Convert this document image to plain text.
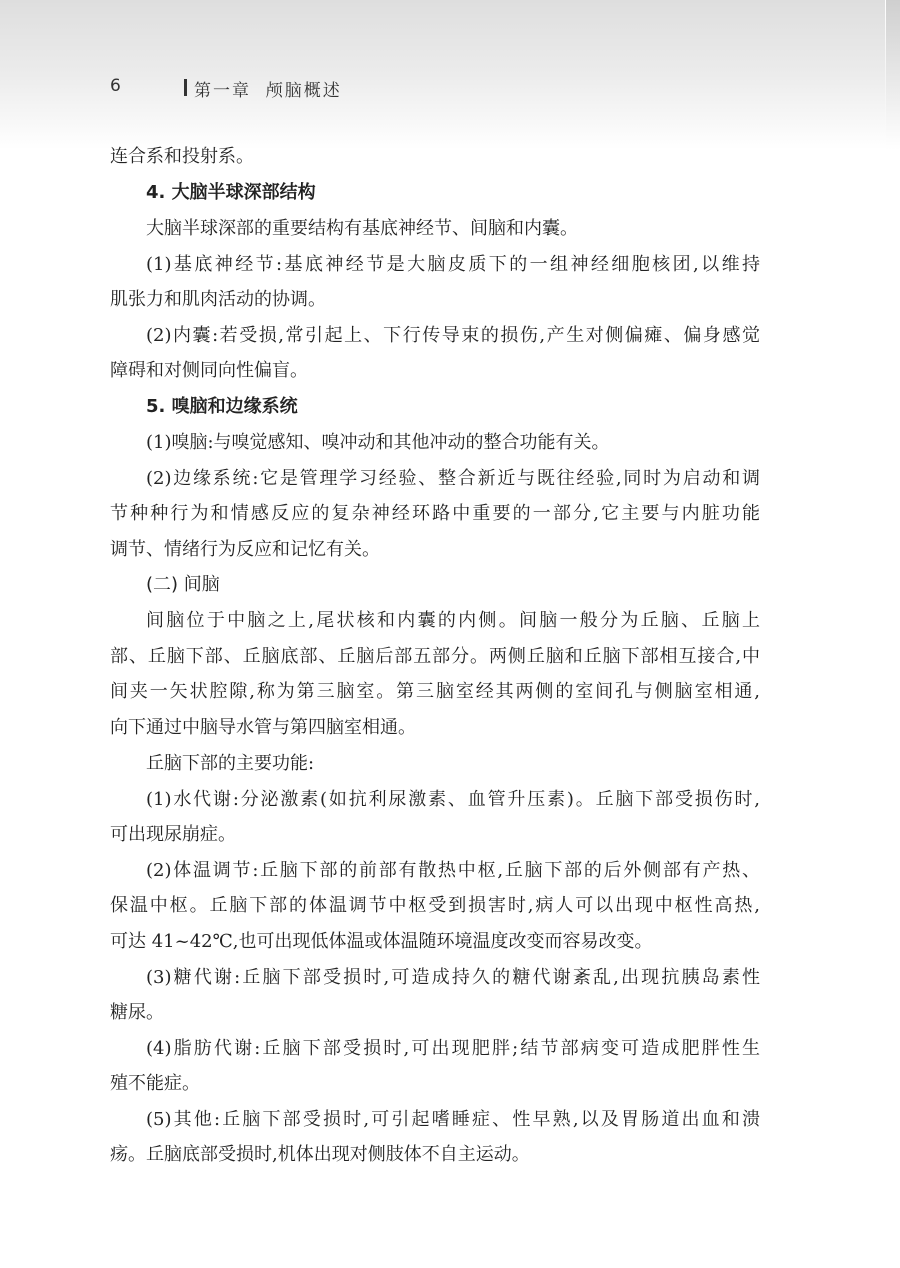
6	第一章  颅脑概述

连合系和投射系。

4. 大脑半球深部结构

大脑半球深部的重要结构有基底神经节、间脑和内囊。

(1)基底神经节:基底神经节是大脑皮质下的一组神经细胞核团,以维持

肌张力和肌肉活动的协调。

(2)内囊:若受损,常引起上、下行传导束的损伤,产生对侧偏瘫、偏身感觉

障碍和对侧同向性偏盲。

5. 嗅脑和边缘系统

(1)嗅脑:与嗅觉感知、嗅冲动和其他冲动的整合功能有关。

(2)边缘系统:它是管理学习经验、整合新近与既往经验,同时为启动和调

节种种行为和情感反应的复杂神经环路中重要的一部分,它主要与内脏功能

调节、情绪行为反应和记忆有关。

(二) 间脑

间脑位于中脑之上,尾状核和内囊的内侧。间脑一般分为丘脑、丘脑上

部、丘脑下部、丘脑底部、丘脑后部五部分。两侧丘脑和丘脑下部相互接合,中

间夹一矢状腔隙,称为第三脑室。第三脑室经其两侧的室间孔与侧脑室相通,

向下通过中脑导水管与第四脑室相通。

丘脑下部的主要功能:

(1)水代谢:分泌激素(如抗利尿激素、血管升压素)。丘脑下部受损伤时,

可出现尿崩症。

(2)体温调节:丘脑下部的前部有散热中枢,丘脑下部的后外侧部有产热、

保温中枢。丘脑下部的体温调节中枢受到损害时,病人可以出现中枢性高热,

可达 41~42℃,也可出现低体温或体温随环境温度改变而容易改变。

(3)糖代谢:丘脑下部受损时,可造成持久的糖代谢紊乱,出现抗胰岛素性

糖尿。

(4)脂肪代谢:丘脑下部受损时,可出现肥胖;结节部病变可造成肥胖性生

殖不能症。

(5)其他:丘脑下部受损时,可引起嗜睡症、性早熟,以及胃肠道出血和溃

疡。丘脑底部受损时,机体出现对侧肢体不自主运动。
